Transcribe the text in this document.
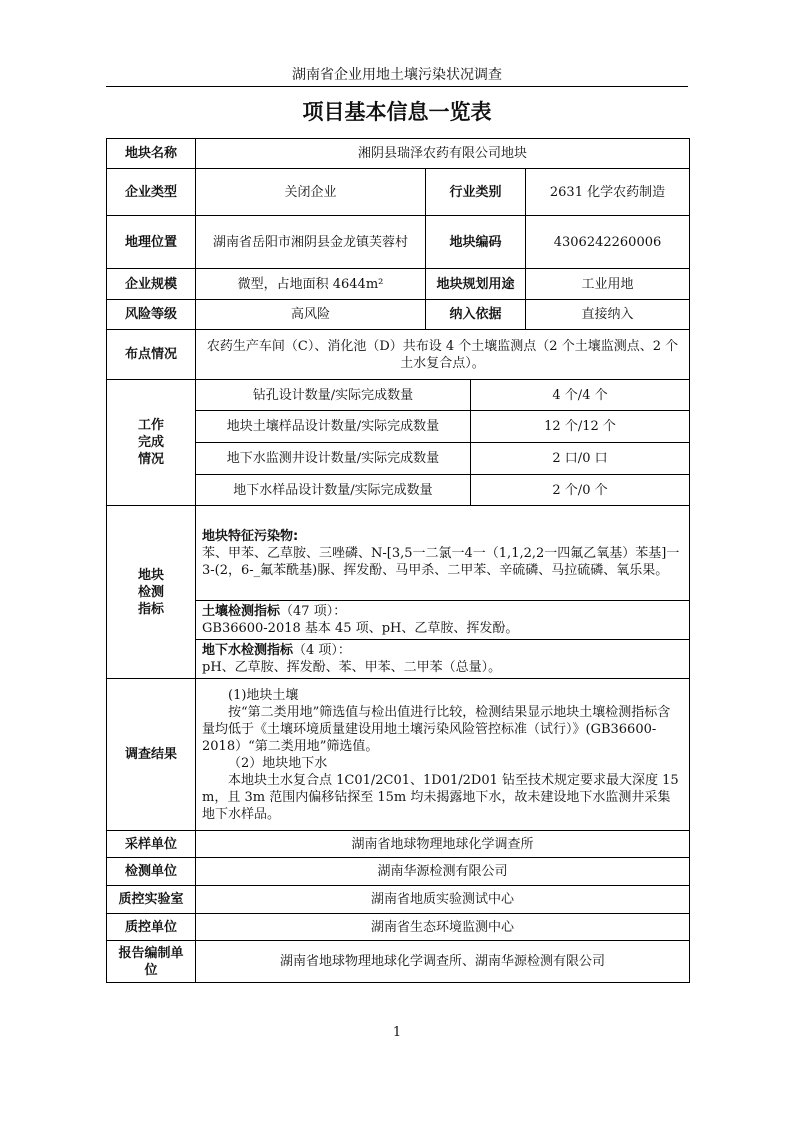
湖南省企业用地土壤污染状况调查
项目基本信息一览表
地块名称	湘阴县瑞泽农药有限公司地块			
企业类型	关闭企业	行业类别		2631 化学农药制造
地理位置	湖南省岳阳市湘阴县金龙镇芙蓉村	地块编码		4306242260006
企业规模	微型，占地面积 4644m²	地块规划用途		工业用地
风险等级	高风险	纳入依据		直接纳入
布点情况	农药生产车间（C）、消化池（D）共布设 4 个土壤监测点（2 个土壤监测点、2 个土水复合点）。			
工作完成情况	钻孔设计数量/实际完成数量		4 个/4 个	
	地块土壤样品设计数量/实际完成数量		12 个/12 个	
	地下水监测井设计数量/实际完成数量		2 口/0 口	
	地下水样品设计数量/实际完成数量		2 个/0 个	
地块检测指标	地块特征污染物:
苯、甲苯、乙草胺、三唑磷、N-[3,5一二氯一4一（1,1,2,2一四氟乙氧基）苯基]一3-(2，6-_氟苯酰基)脲、挥发酚、马甲杀、二甲苯、辛硫磷、马拉硫磷、氧乐果。			

	土壤检测指标（47 项）：
GB36600-2018 基本 45 项、pH、乙草胺、挥发酚。			

	地下水检测指标（4 项）：
pH、乙草胺、挥发酚、苯、甲苯、二甲苯（总量）。			

调查结果	(1)地块土壤
按“第二类用地”筛选值与检出值进行比较，检测结果显示地块土壤检测指标含量均低于《土壤环境质量建设用地土壤污染风险管控标准（试行）》(GB36600-2018）“第二类用地”筛选值。
（2）地块地下水
本地块土水复合点 1C01/2C01、1D01/2D01 钻至技术规定要求最大深度 15 m，且 3m 范围内偏移钻探至 15m 均未揭露地下水，故未建设地下水监测井采集地下水样品。			

采样单位	湖南省地球物理地球化学调查所			
检测单位	湖南华源检测有限公司			
质控实验室	湖南省地质实验测试中心			
质控单位	湖南省生态环境监测中心			
报告编制单位	湖南省地球物理地球化学调查所、湖南华源检测有限公司			
1
